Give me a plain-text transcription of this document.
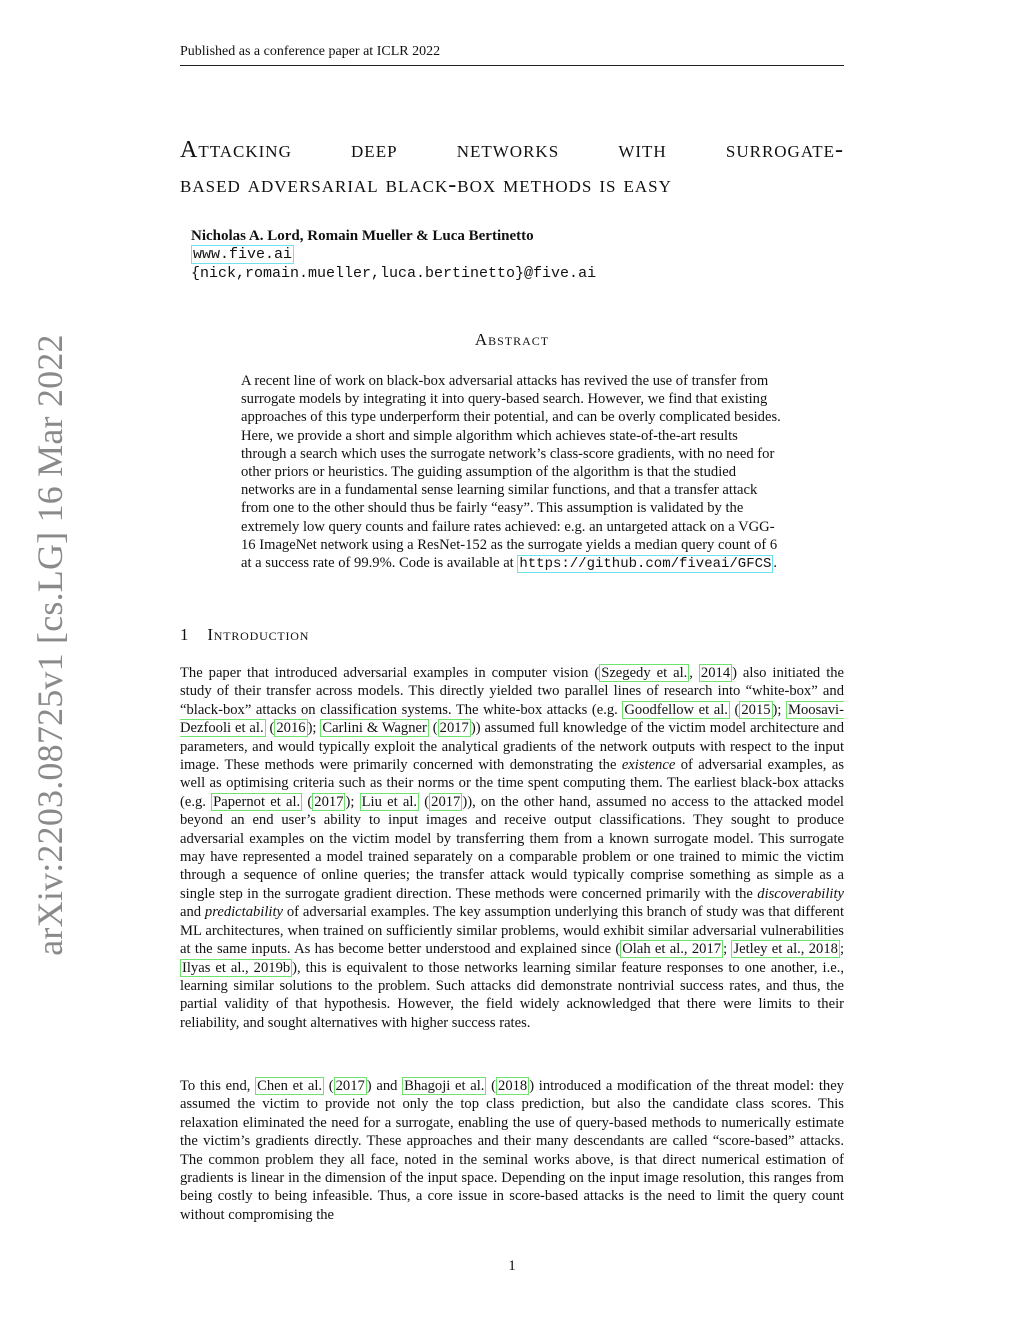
Published as a conference paper at ICLR 2022
arXiv:2203.08725v1 [cs.LG] 16 Mar 2022
Attacking deep networks with surrogate-
based adversarial black-box methods is easy
Nicholas A. Lord, Romain Mueller & Luca Bertinetto
www.five.ai
{nick,romain.mueller,luca.bertinetto}@five.ai
Abstract

A recent line of work on black-box adversarial attacks has revived the use of transfer from surrogate models by integrating it into query-based search. However, we find that existing approaches of this type underperform their potential, and can be overly complicated besides. Here, we provide a short and simple algorithm which achieves state-of-the-art results through a search which uses the surrogate network’s class-score gradients, with no need for other priors or heuristics. The guiding assumption of the algorithm is that the studied networks are in a fundamental sense learning similar functions, and that a transfer attack from one to the other should thus be fairly “easy”. This assumption is validated by the extremely low query counts and failure rates achieved: e.g. an untargeted attack on a VGG-16 ImageNet network using a ResNet-152 as the surrogate yields a median query count of 6 at a success rate of 99.9%. Code is available at https://github.com/fiveai/GFCS .

1 Introduction

The paper that introduced adversarial examples in computer vision ( Szegedy et al. , 2014 ) also initiated the study of their transfer across models. This directly yielded two parallel lines of research into “white-box” and “black-box” attacks on classification systems. The white-box attacks (e.g. Goodfellow et al. ( 2015 ); Moosavi-Dezfooli et al. ( 2016 ); Carlini & Wagner ( 2017 )) assumed full knowledge of the victim model architecture and parameters, and would typically exploit the analytical gradients of the network outputs with respect to the input image. These methods were primarily concerned with demonstrating the existence of adversarial examples, as well as optimising criteria such as their norms or the time spent computing them. The earliest black-box attacks (e.g. Papernot et al. ( 2017 ); Liu et al. ( 2017 )), on the other hand, assumed no access to the attacked model beyond an end user’s ability to input images and receive output classifications. They sought to produce adversarial examples on the victim model by transferring them from a known surrogate model. This surrogate may have represented a model trained separately on a comparable problem or one trained to mimic the victim through a sequence of online queries; the transfer attack would typically comprise something as simple as a single step in the surrogate gradient direction. These methods were concerned primarily with the discoverability and predictability of adversarial examples. The key assumption underlying this branch of study was that different ML architectures, when trained on sufficiently similar problems, would exhibit similar adversarial vulnerabilities at the same inputs. As has become better understood and explained since ( Olah et al., 2017 ; Jetley et al., 2018 ; Ilyas et al., 2019b ), this is equivalent to those networks learning similar feature responses to one another, i.e., learning similar solutions to the problem. Such attacks did demonstrate nontrivial success rates, and thus, the partial validity of that hypothesis. However, the field widely acknowledged that there were limits to their reliability, and sought alternatives with higher success rates.

To this end, Chen et al. ( 2017 ) and Bhagoji et al. ( 2018 ) introduced a modification of the threat model: they assumed the victim to provide not only the top class prediction, but also the candidate class scores. This relaxation eliminated the need for a surrogate, enabling the use of query-based methods to numerically estimate the victim’s gradients directly. These approaches and their many descendants are called “score-based” attacks. The common problem they all face, noted in the seminal works above, is that direct numerical estimation of gradients is linear in the dimension of the input space. Depending on the input image resolution, this ranges from being costly to being infeasible. Thus, a core issue in score-based attacks is the need to limit the query count without compromising the

1
